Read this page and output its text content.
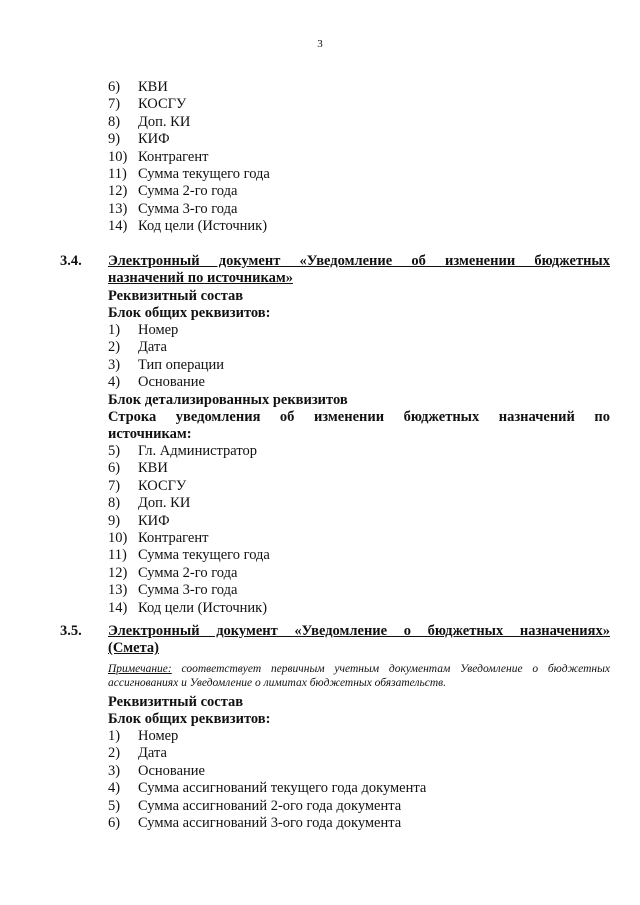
3
6) КВИ
7) КОСГУ
8) Доп. КИ
9) КИФ
10) Контрагент
11) Сумма текущего года
12) Сумма 2-го года
13) Сумма 3-го года
14) Код цели (Источник)
3.4. Электронный документ «Уведомление об изменении бюджетных
назначений по источникам»
Реквизитный состав
Блок общих реквизитов:
1) Номер
2) Дата
3) Тип операции
4) Основание
Блок детализированных реквизитов
Строка уведомления об изменении бюджетных назначений по
источникам:
5) Гл. Администратор
6) КВИ
7) КОСГУ
8) Доп. КИ
9) КИФ
10) Контрагент
11) Сумма текущего года
12) Сумма 2-го года
13) Сумма 3-го года
14) Код цели (Источник)
3.5. Электронный документ «Уведомление о бюджетных назначениях»
(Смета)
Примечание: соответствует первичным учетным документам Уведомление о бюджетных ассигнованиях и Уведомление о лимитах бюджетных обязательств.
Реквизитный состав
Блок общих реквизитов:
1) Номер
2) Дата
3) Основание
4) Сумма ассигнований текущего года документа
5) Сумма ассигнований 2-ого года документа
6) Сумма ассигнований 3-ого года документа
